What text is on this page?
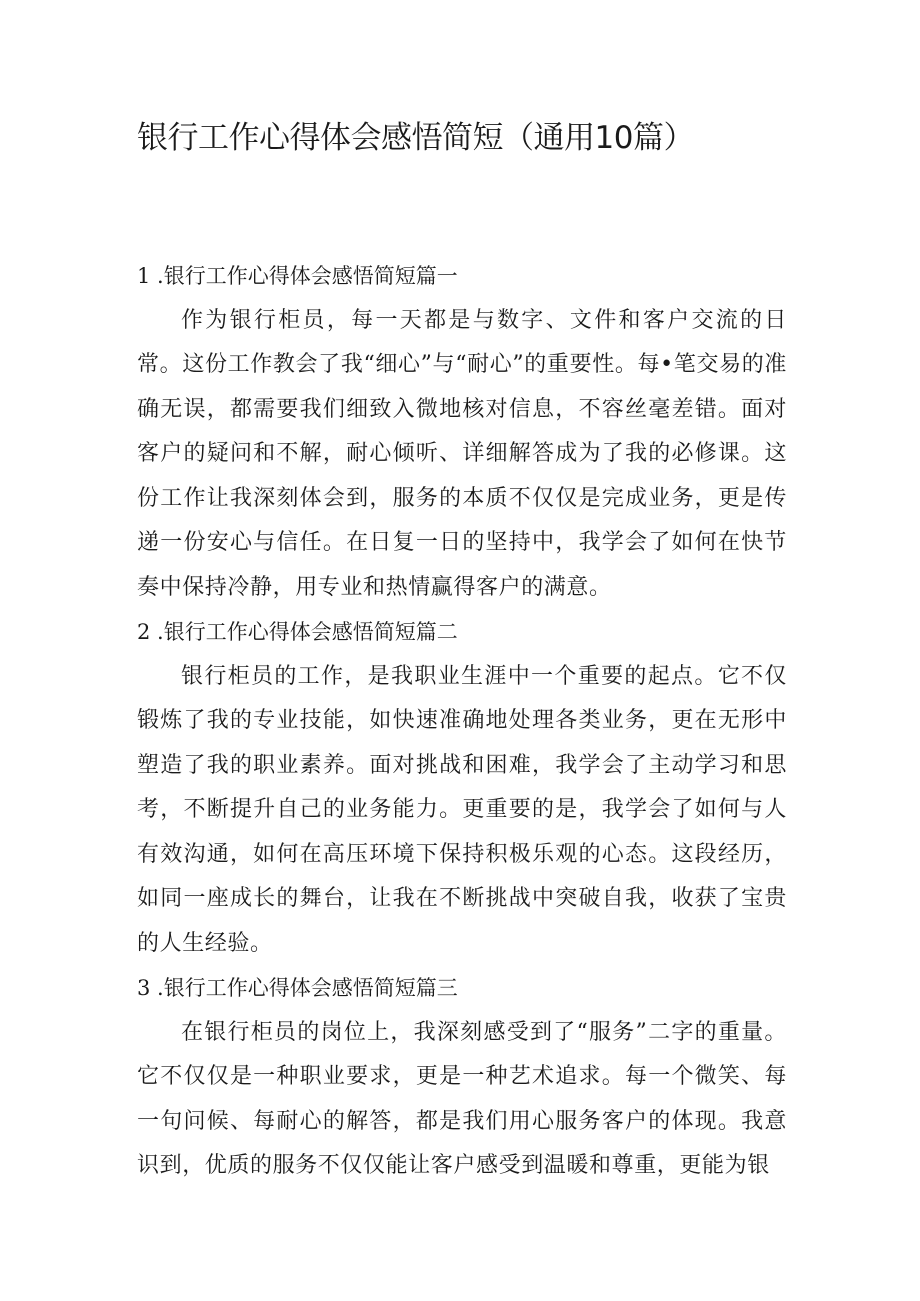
银行工作心得体会感悟简短（通用10篇）
1 .银行工作心得体会感悟简短篇一

作为银行柜员，每一天都是与数字、文件和客户交流的日常。这份工作教会了我“细心”与“耐心”的重要性。每•笔交易的准确无误，都需要我们细致入微地核对信息，不容丝毫差错。面对客户的疑问和不解，耐心倾听、详细解答成为了我的必修课。这份工作让我深刻体会到，服务的本质不仅仅是完成业务，更是传递一份安心与信任。在日复一日的坚持中，我学会了如何在快节奏中保持冷静，用专业和热情赢得客户的满意。

2 .银行工作心得体会感悟简短篇二

银行柜员的工作，是我职业生涯中一个重要的起点。它不仅锻炼了我的专业技能，如快速准确地处理各类业务，更在无形中塑造了我的职业素养。面对挑战和困难，我学会了主动学习和思考，不断提升自己的业务能力。更重要的是，我学会了如何与人有效沟通，如何在高压环境下保持积极乐观的心态。这段经历，如同一座成长的舞台，让我在不断挑战中突破自我，收获了宝贵的人生经验。

3 .银行工作心得体会感悟简短篇三

在银行柜员的岗位上，我深刻感受到了“服务”二字的重量。它不仅仅是一种职业要求，更是一种艺术追求。每一个微笑、每一句问候、每耐心的解答，都是我们用心服务客户的体现。我意识到，优质的服务不仅仅能让客户感受到温暖和尊重，更能为银
